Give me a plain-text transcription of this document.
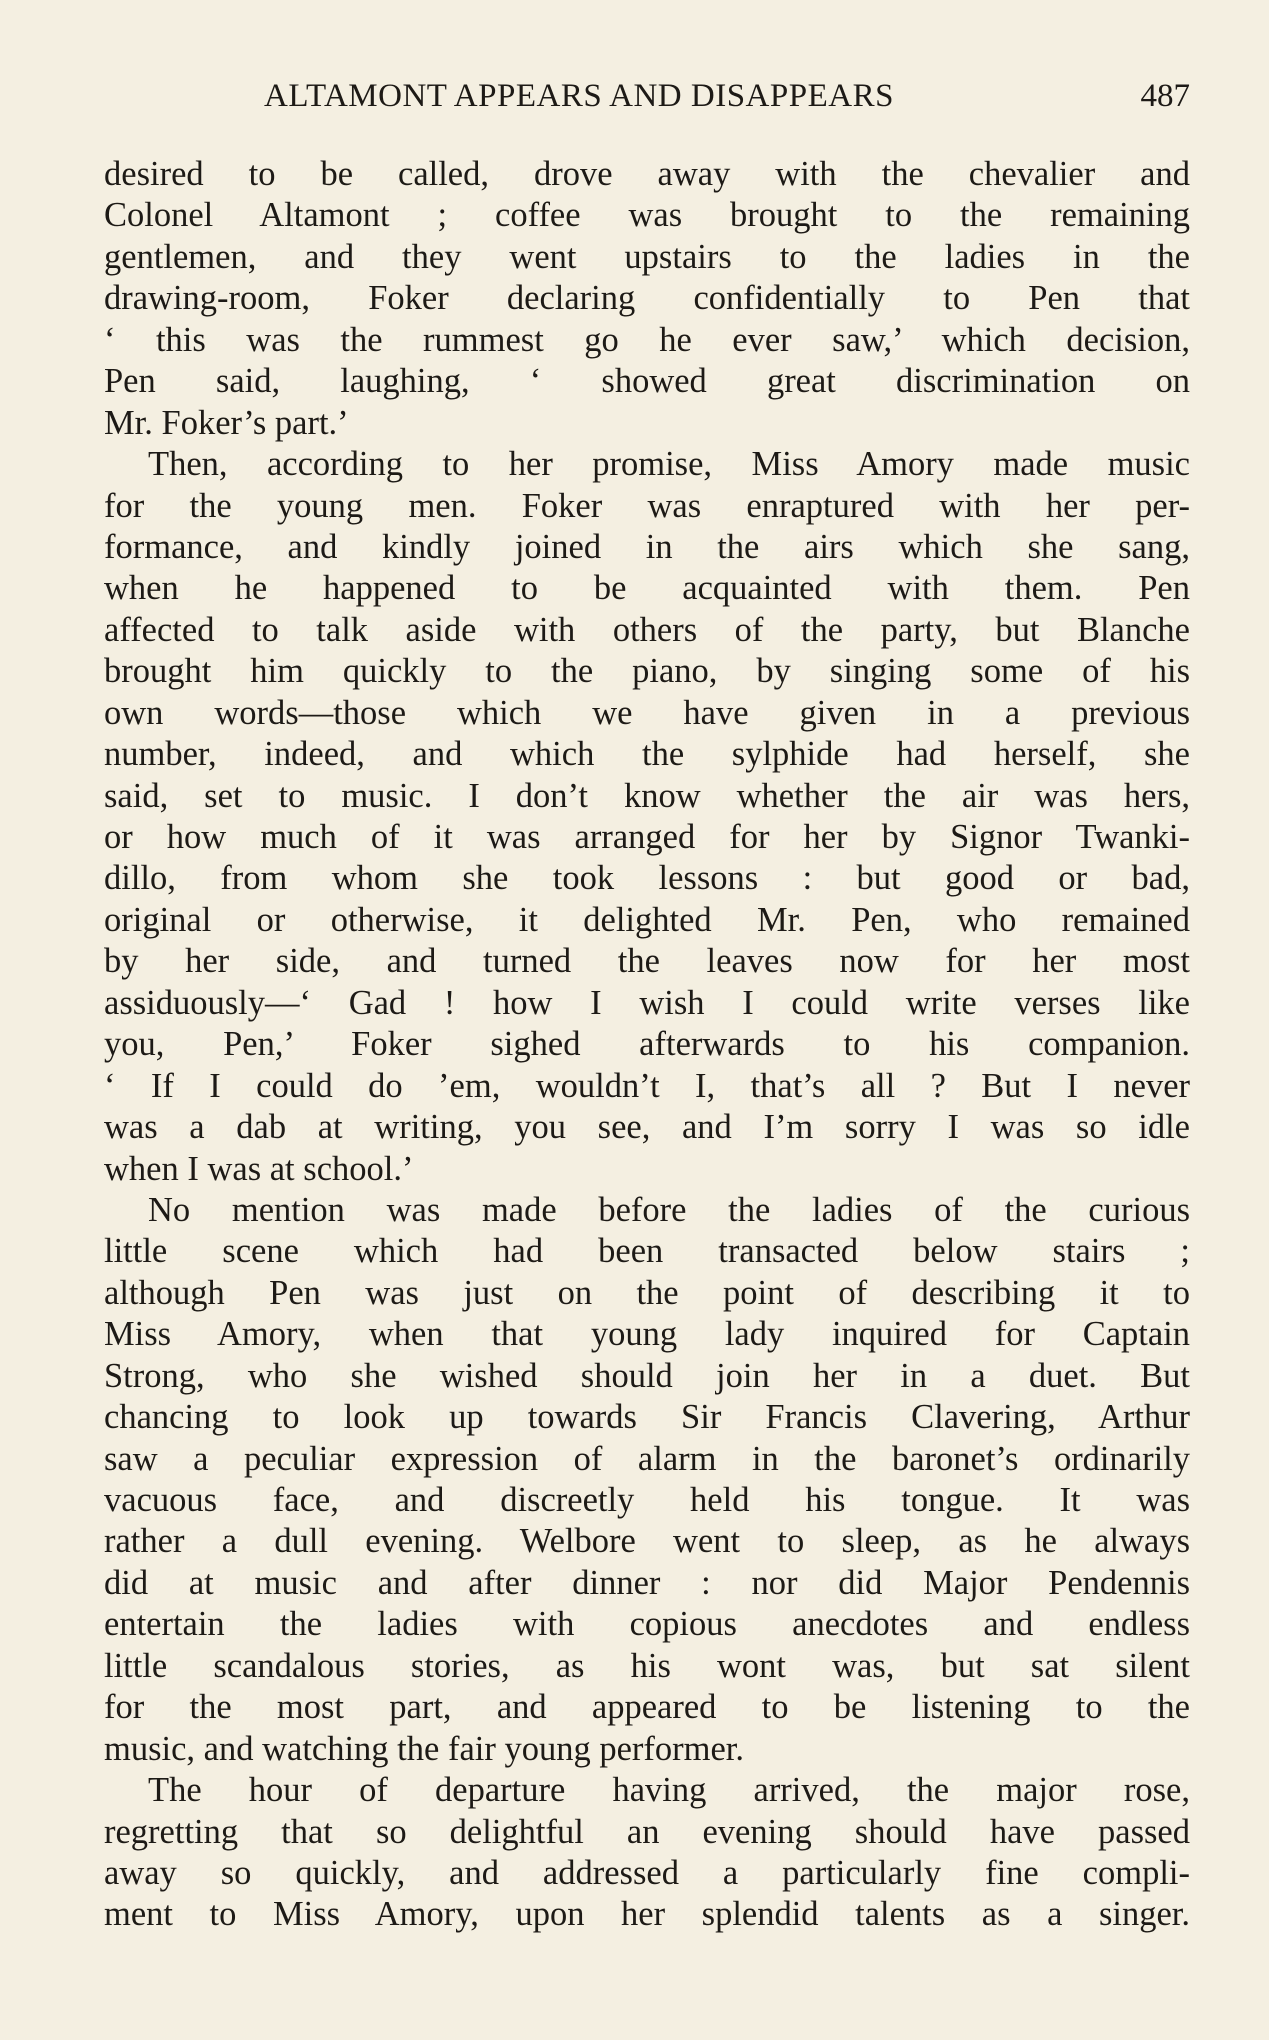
ALTAMONT APPEARS AND DISAPPEARS	487
desired to be called, drove away with the chevalier and
Colonel Altamont ; coffee was brought to the remaining
gentlemen, and they went upstairs to the ladies in the
drawing-room, Foker declaring confidentially to Pen that
‘ this was the rummest go he ever saw,’ which decision,
Pen said, laughing, ‘ showed great discrimination on
Mr. Foker’s part.’
Then, according to her promise, Miss Amory made music
for the young men. Foker was enraptured with her per-
formance, and kindly joined in the airs which she sang,
when he happened to be acquainted with them. Pen
affected to talk aside with others of the party, but Blanche
brought him quickly to the piano, by singing some of his
own words—those which we have given in a previous
number, indeed, and which the sylphide had herself, she
said, set to music. I don’t know whether the air was hers,
or how much of it was arranged for her by Signor Twanki-
dillo, from whom she took lessons : but good or bad,
original or otherwise, it delighted Mr. Pen, who remained
by her side, and turned the leaves now for her most
assiduously—‘ Gad ! how I wish I could write verses like
you, Pen,’ Foker sighed afterwards to his companion.
‘ If I could do ’em, wouldn’t I, that’s all ? But I never
was a dab at writing, you see, and I’m sorry I was so idle
when I was at school.’
No mention was made before the ladies of the curious
little scene which had been transacted below stairs ;
although Pen was just on the point of describing it to
Miss Amory, when that young lady inquired for Captain
Strong, who she wished should join her in a duet. But
chancing to look up towards Sir Francis Clavering, Arthur
saw a peculiar expression of alarm in the baronet’s ordinarily
vacuous face, and discreetly held his tongue. It was
rather a dull evening. Welbore went to sleep, as he always
did at music and after dinner : nor did Major Pendennis
entertain the ladies with copious anecdotes and endless
little scandalous stories, as his wont was, but sat silent
for the most part, and appeared to be listening to the
music, and watching the fair young performer.
The hour of departure having arrived, the major rose,
regretting that so delightful an evening should have passed
away so quickly, and addressed a particularly fine compli-
ment to Miss Amory, upon her splendid talents as a singer.
